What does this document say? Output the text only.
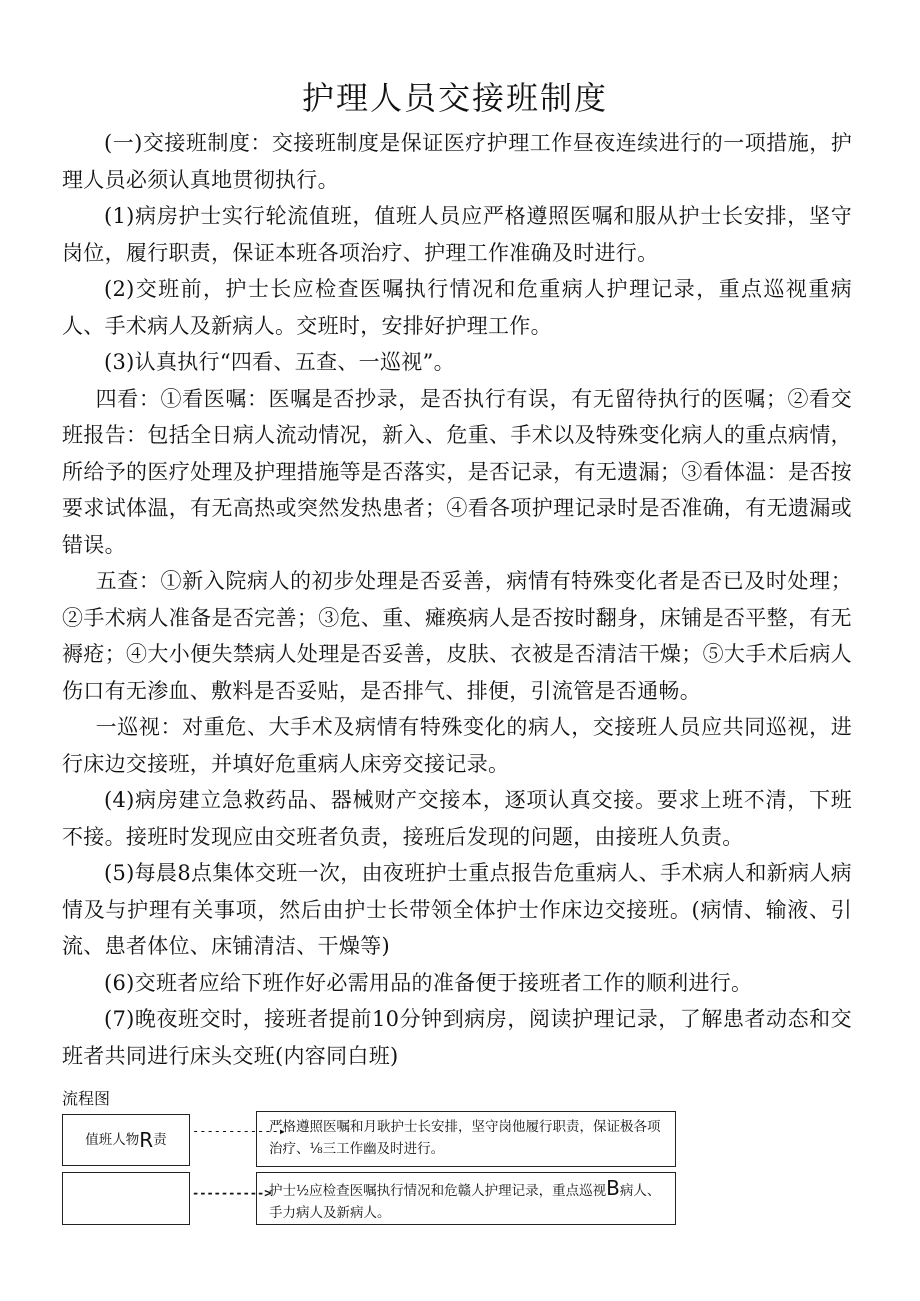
护理人员交接班制度

(一)交接班制度：交接班制度是保证医疗护理工作昼夜连续进行的一项措施，护理人员必须认真地贯彻执行。

(1)病房护士实行轮流值班，值班人员应严格遵照医嘱和服从护士长安排，坚守岗位，履行职责，保证本班各项治疗、护理工作准确及时进行。

(2)交班前，护士长应检查医嘱执行情况和危重病人护理记录，重点巡视重病人、手术病人及新病人。交班时，安排好护理工作。

(3)认真执行“四看、五查、一巡视”。

四看：①看医嘱：医嘱是否抄录，是否执行有误，有无留待执行的医嘱；②看交班报告：包括全日病人流动情况，新入、危重、手术以及特殊变化病人的重点病情，所给予的医疗处理及护理措施等是否落实，是否记录，有无遗漏；③看体温：是否按要求试体温，有无高热或突然发热患者；④看各项护理记录时是否准确，有无遗漏或错误。

五查：①新入院病人的初步处理是否妥善，病情有特殊变化者是否已及时处理；②手术病人准备是否完善；③危、重、瘫痪病人是否按时翻身，床铺是否平整，有无褥疮；④大小便失禁病人处理是否妥善，皮肤、衣被是否清洁干燥；⑤大手术后病人伤口有无渗血、敷料是否妥贴，是否排气、排便，引流管是否通畅。

一巡视：对重危、大手术及病情有特殊变化的病人，交接班人员应共同巡视，进行床边交接班，并填好危重病人床旁交接记录。

(4)病房建立急救药品、器械财产交接本，逐项认真交接。要求上班不清，下班不接。接班时发现应由交班者负责，接班后发现的问题，由接班人负责。

(5)每晨8点集体交班一次，由夜班护士重点报告危重病人、手术病人和新病人病情及与护理有关事项，然后由护士长带领全体护士作床边交接班。(病情、输液、引流、患者体位、床铺清洁、干燥等)

(6)交班者应给下班作好必需用品的准备便于接班者工作的顺利进行。

(7)晚夜班交时，接班者提前10分钟到病房，阅读护理记录，了解患者动态和交班者共同进行床头交班(内容同白班)

流程图
值班人物 R 责
------------▸
---------->
严格遵照医嘱和月耿护士长安排，坚守岗他履行职责，保证极各项治疗、⅛三工作幽及时进行。
护士½应检查医嘱执行情况和危赣人护理记录，重点巡视B病人、手力病人及新病人。
